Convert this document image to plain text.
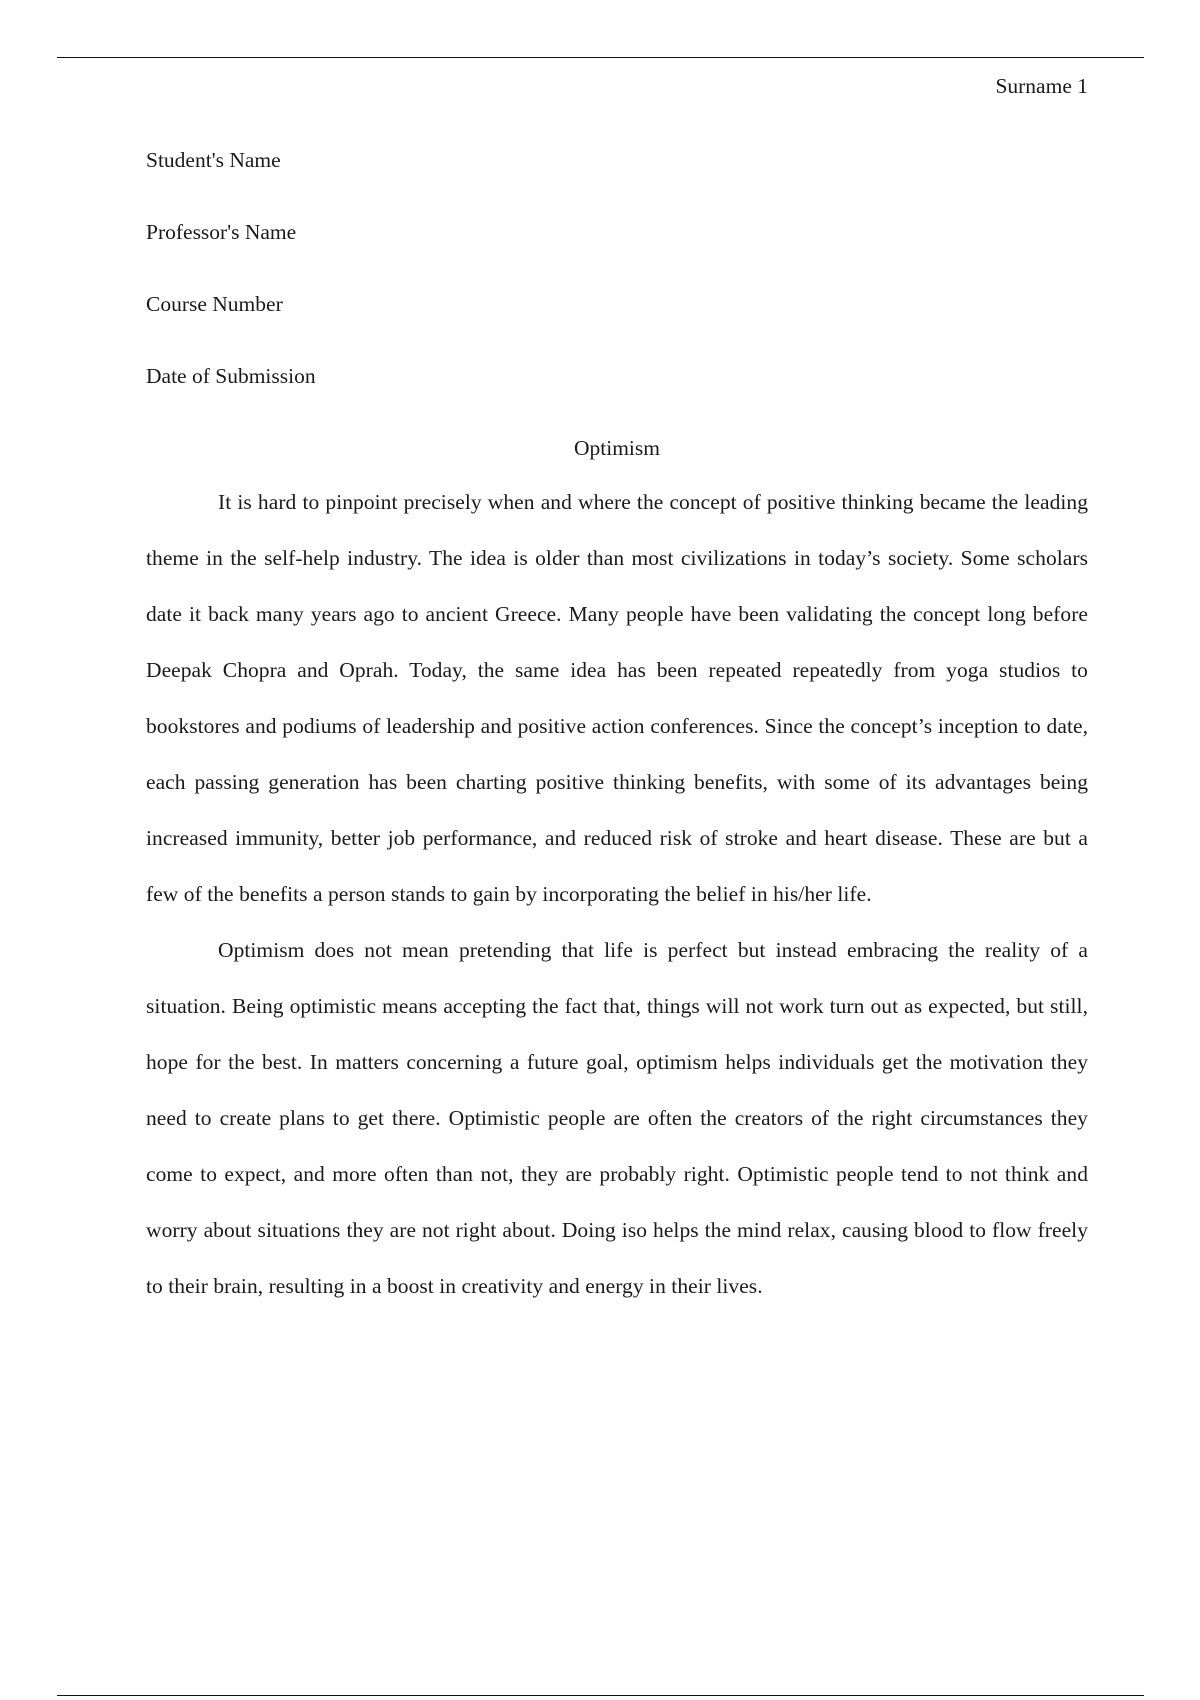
Surname 1

Student's Name

Professor's Name

Course Number

Date of Submission

Optimism

It is hard to pinpoint precisely when and where the concept of positive thinking became the leading theme in the self-help industry. The idea is older than most civilizations in today’s society. Some scholars date it back many years ago to ancient Greece. Many people have been validating the concept long before Deepak Chopra and Oprah. Today, the same idea has been repeated repeatedly from yoga studios to bookstores and podiums of leadership and positive action conferences. Since the concept’s inception to date, each passing generation has been charting positive thinking benefits, with some of its advantages being increased immunity, better job performance, and reduced risk of stroke and heart disease. These are but a few of the benefits a person stands to gain by incorporating the belief in his/her life.

Optimism does not mean pretending that life is perfect but instead embracing the reality of a situation. Being optimistic means accepting the fact that, things will not work turn out as expected, but still, hope for the best. In matters concerning a future goal, optimism helps individuals get the motivation they need to create plans to get there. Optimistic people are often the creators of the right circumstances they come to expect, and more often than not, they are probably right. Optimistic people tend to not think and worry about situations they are not right about. Doing iso helps the mind relax, causing blood to flow freely to their brain, resulting in a boost in creativity and energy in their lives.
